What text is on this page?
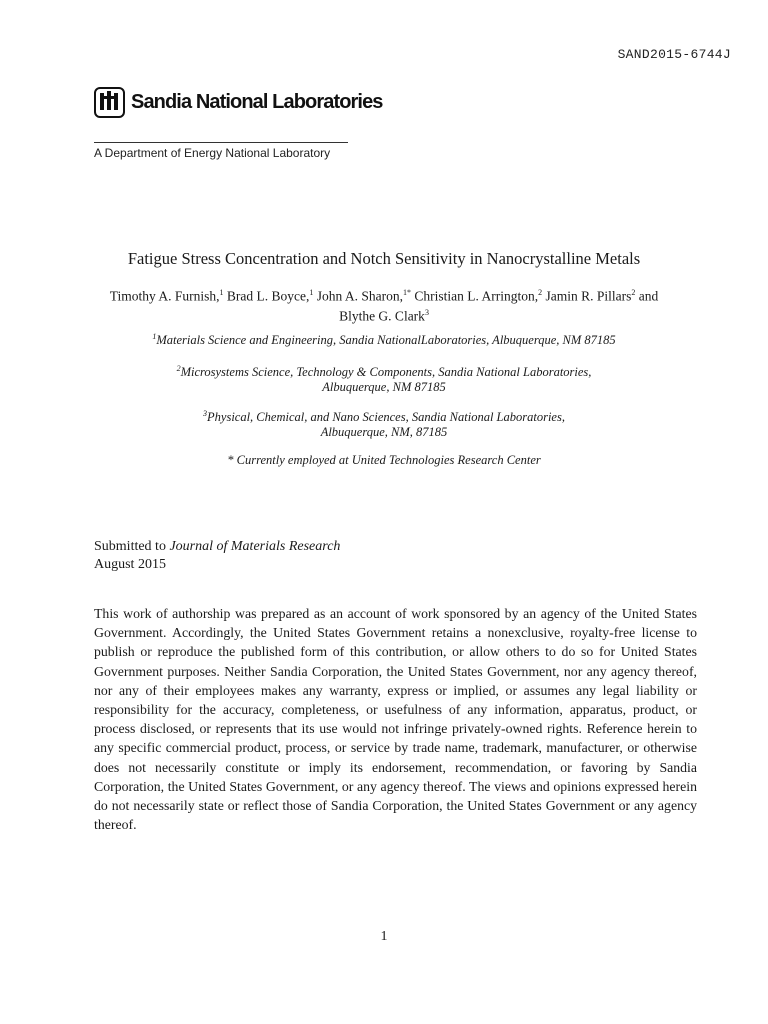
SAND2015-6744J
Sandia National Laboratories
A Department of Energy National Laboratory
Fatigue Stress Concentration and Notch Sensitivity in Nanocrystalline Metals
Timothy A. Furnish,$^1$ Brad L. Boyce,$^1$ John A. Sharon,$^{1*}$ Christian L. Arrington,$^2$ Jamin R. Pillars$^2$ and Blythe G. Clark$^3$
$^1$Materials Science and Engineering, Sandia NationalLaboratories, Albuquerque, NM 87185
$^2$Microsystems Science, Technology & Components, Sandia National Laboratories,
Albuquerque, NM 87185
$^3$Physical, Chemical, and Nano Sciences, Sandia National Laboratories,
Albuquerque, NM, 87185
* Currently employed at United Technologies Research Center
Submitted to Journal of Materials Research
August 2015
This work of authorship was prepared as an account of work sponsored by an agency of the United States Government. Accordingly, the United States Government retains a nonexclusive, royalty-free license to publish or reproduce the published form of this contribution, or allow others to do so for United States Government purposes. Neither Sandia Corporation, the United States Government, nor any agency thereof, nor any of their employees makes any warranty, express or implied, or assumes any legal liability or responsibility for the accuracy, completeness, or usefulness of any information, apparatus, product, or process disclosed, or represents that its use would not infringe privately-owned rights. Reference herein to any specific commercial product, process, or service by trade name, trademark, manufacturer, or otherwise does not necessarily constitute or imply its endorsement, recommendation, or favoring by Sandia Corporation, the United States Government, or any agency thereof. The views and opinions expressed herein do not necessarily state or reflect those of Sandia Corporation, the United States Government or any agency thereof.
1
